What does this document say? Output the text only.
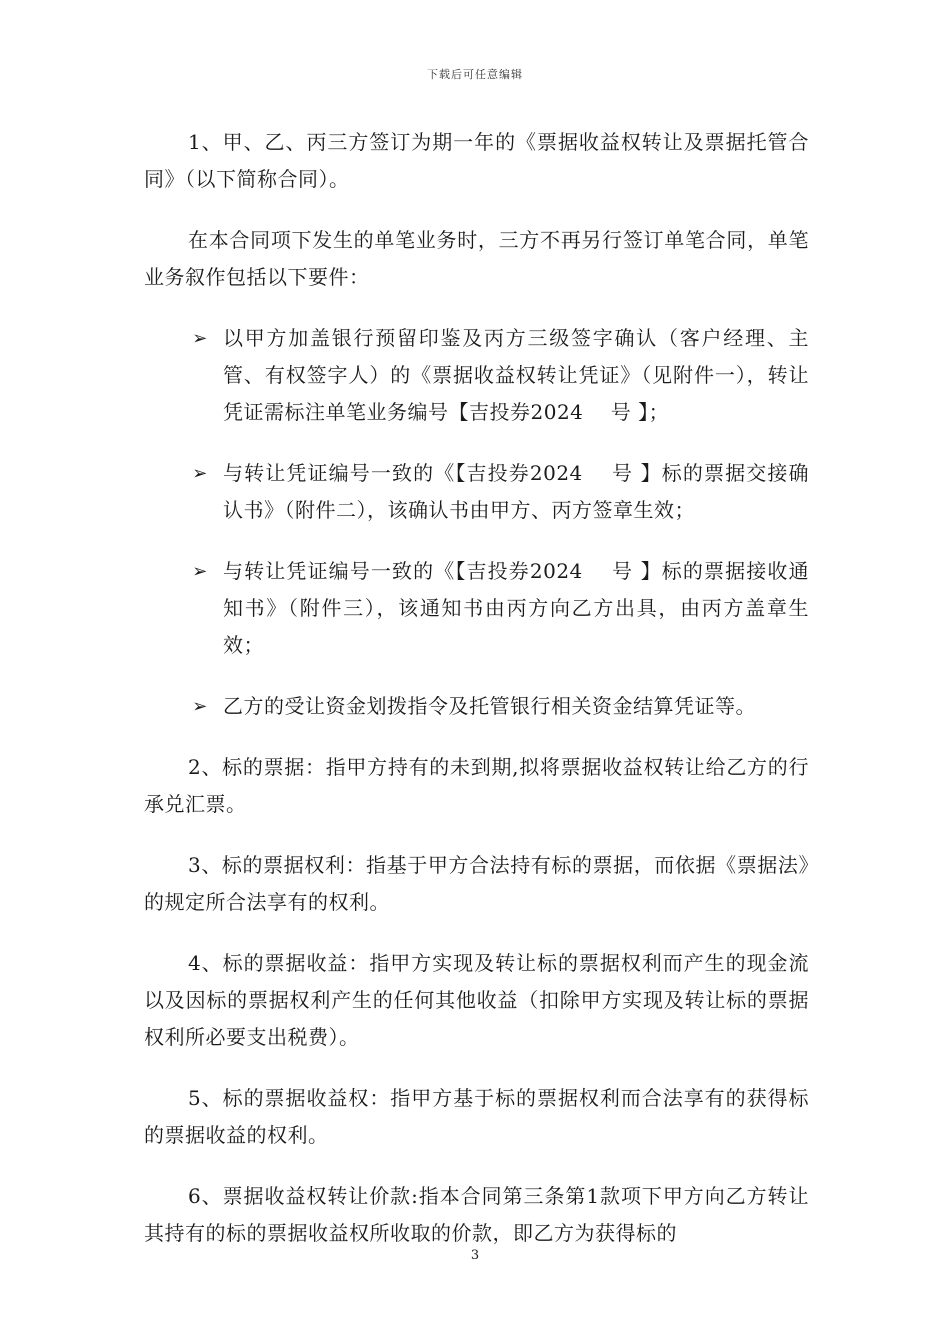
下载后可任意编辑

1、甲、乙、丙三方签订为期一年的《票据收益权转让及票据托管合同》（以下简称合同）。

在本合同项下发生的单笔业务时，三方不再另行签订单笔合同，单笔业务叙作包括以下要件：

➢ 以甲方加盖银行预留印鉴及丙方三级签字确认（客户经理、主管、有权签字人）的《票据收益权转让凭证》（见附件一），转让凭证需标注单笔业务编号【吉投券2024　 号 】；
➢ 与转让凭证编号一致的《【吉投券2024　 号 】标的票据交接确认书》（附件二），该确认书由甲方、丙方签章生效；
➢ 与转让凭证编号一致的《【吉投券2024　 号 】标的票据接收通知书》（附件三），该通知书由丙方向乙方出具，由丙方盖章生效；
➢ 乙方的受让资金划拨指令及托管银行相关资金结算凭证等。

2、标的票据：指甲方持有的未到期,拟将票据收益权转让给乙方的行承兑汇票。

3、标的票据权利：指基于甲方合法持有标的票据，而依据《票据法》的规定所合法享有的权利。

4、标的票据收益：指甲方实现及转让标的票据权利而产生的现金流以及因标的票据权利产生的任何其他收益（扣除甲方实现及转让标的票据权利所必要支出税费）。

5、标的票据收益权：指甲方基于标的票据权利而合法享有的获得标的票据收益的权利。

6、票据收益权转让价款:指本合同第三条第1款项下甲方向乙方转让其持有的标的票据收益权所收取的价款，即乙方为获得标的

3
